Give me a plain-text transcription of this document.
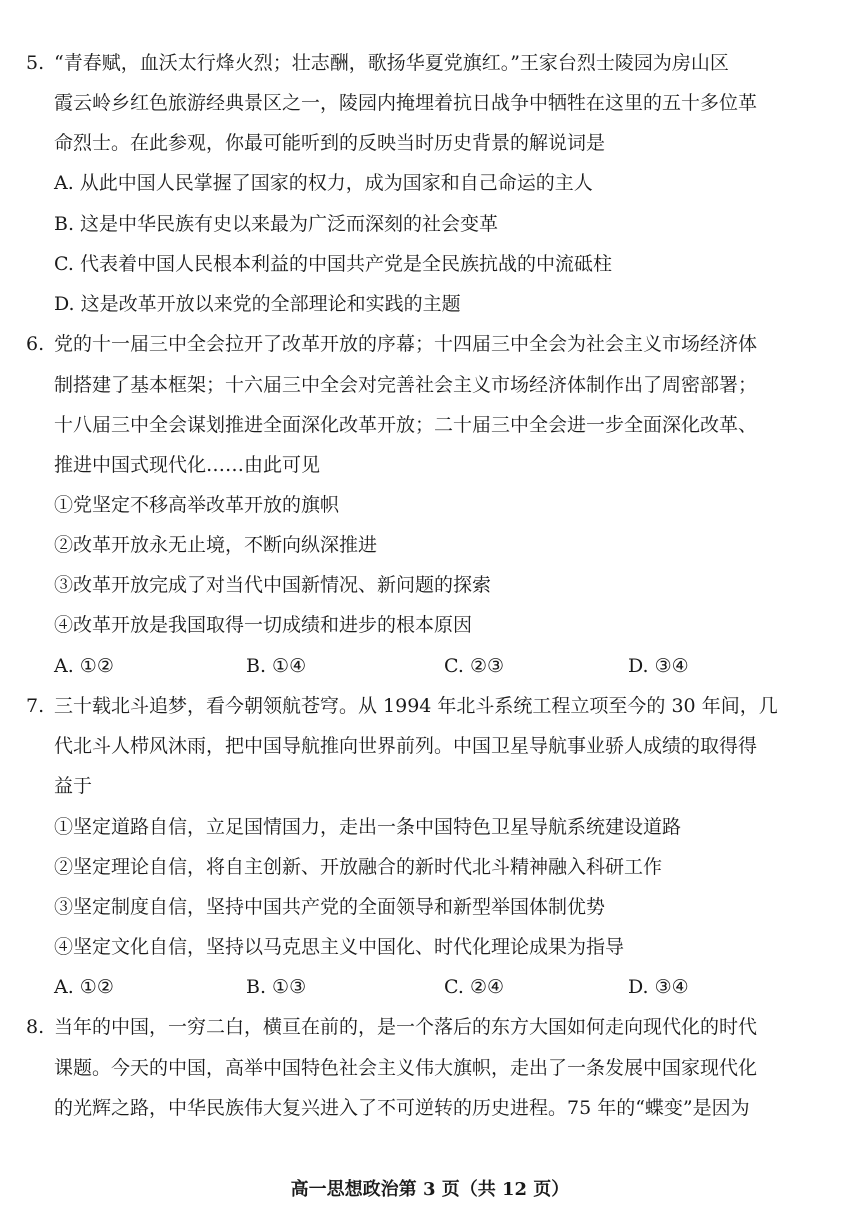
5. “青春赋，血沃太行烽火烈；壮志酬，歌扬华夏党旗红。”王家台烈士陵园为房山区
霞云岭乡红色旅游经典景区之一，陵园内掩埋着抗日战争中牺牲在这里的五十多位革
命烈士。在此参观，你最可能听到的反映当时历史背景的解说词是
A. 从此中国人民掌握了国家的权力，成为国家和自己命运的主人
B. 这是中华民族有史以来最为广泛而深刻的社会变革
C. 代表着中国人民根本利益的中国共产党是全民族抗战的中流砥柱
D. 这是改革开放以来党的全部理论和实践的主题
6. 党的十一届三中全会拉开了改革开放的序幕；十四届三中全会为社会主义市场经济体
制搭建了基本框架；十六届三中全会对完善社会主义市场经济体制作出了周密部署；
十八届三中全会谋划推进全面深化改革开放；二十届三中全会进一步全面深化改革、
推进中国式现代化……由此可见
①党坚定不移高举改革开放的旗帜
②改革开放永无止境，不断向纵深推进
③改革开放完成了对当代中国新情况、新问题的探索
④改革开放是我国取得一切成绩和进步的根本原因
A. ①②	B. ①④	C. ②③	D. ③④
7. 三十载北斗追梦，看今朝领航苍穹。从 1994 年北斗系统工程立项至今的 30 年间，几
代北斗人栉风沐雨，把中国导航推向世界前列。中国卫星导航事业骄人成绩的取得得
益于
①坚定道路自信，立足国情国力，走出一条中国特色卫星导航系统建设道路
②坚定理论自信，将自主创新、开放融合的新时代北斗精神融入科研工作
③坚定制度自信，坚持中国共产党的全面领导和新型举国体制优势
④坚定文化自信，坚持以马克思主义中国化、时代化理论成果为指导
A. ①②	B. ①③	C. ②④	D. ③④
8. 当年的中国，一穷二白，横亘在前的，是一个落后的东方大国如何走向现代化的时代
课题。今天的中国，高举中国特色社会主义伟大旗帜，走出了一条发展中国家现代化
的光辉之路，中华民族伟大复兴进入了不可逆转的历史进程。75 年的“蝶变”是因为
高一思想政治第 3 页（共 12 页）
